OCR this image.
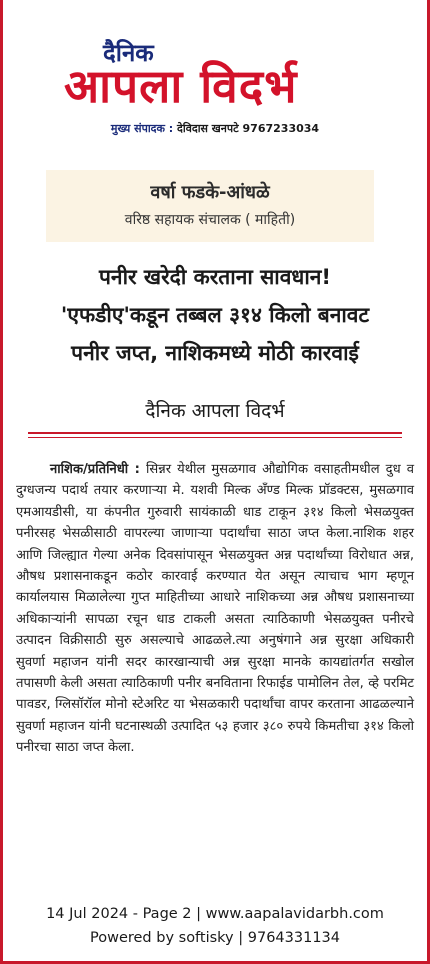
दैनिक
आपला विदर्भ
मुख्य संपादक : देविदास खनपटे 9767233034
वर्षा फडके-आंधळे
वरिष्ठ सहायक संचालक ( माहिती)
पनीर खरेदी करताना सावधान!
'एफडीए'कडून तब्बल ३१४ किलो बनावट
पनीर जप्त, नाशिकमध्ये मोठी कारवाई
दैनिक आपला विदर्भ
नाशिक/प्रतिनिधी : सिन्नर येथील मुसळगाव औद्योगिक वसाहतीमधील दुध व दुग्धजन्य पदार्थ तयार करणाऱ्या मे. यशवी मिल्क अँण्ड मिल्क प्रॉडक्टस, मुसळगाव एमआयडीसी, या कंपनीत गुरुवारी सायंकाळी धाड टाकून ३१४ किलो भेसळयुक्त पनीरसह भेसळीसाठी वापरल्या जाणाऱ्या पदार्थांचा साठा जप्त केला.नाशिक शहर आणि जिल्ह्यात गेल्या अनेक दिवसांपासून भेसळयुक्त अन्न पदार्थांच्या विरोधात अन्न, औषध प्रशासनाकडून कठोर कारवाई करण्यात येत असून त्याचाच भाग म्हणून कार्यालयास मिळालेल्या गुप्त माहितीच्या आधारे नाशिकच्या अन्न औषध प्रशासनाच्या अधिकाऱ्यांनी सापळा रचून धाड टाकली असता त्याठिकाणी भेसळयुक्त पनीरचे उत्पादन विक्रीसाठी सुरु असल्याचे आढळले.त्या अनुषंगाने अन्न सुरक्षा अधिकारी सुवर्णा महाजन यांनी सदर कारखान्याची अन्न सुरक्षा मानके कायद्यांतर्गत सखोल तपासणी केली असता त्याठिकाणी पनीर बनविताना रिफाईड पामोलिन तेल, व्हे परमिट पावडर, ग्लिसॉरॉल मोनो स्टेअरिट या भेसळकारी पदार्थांचा वापर करताना आढळल्याने सुवर्णा महाजन यांनी घटनास्थळी उत्पादित ५३ हजार ३८० रुपये किमतीचा ३१४ किलो पनीरचा साठा जप्त केला.
14 Jul 2024 - Page 2 | www.aapalavidarbh.com
Powered by softisky | 9764331134
